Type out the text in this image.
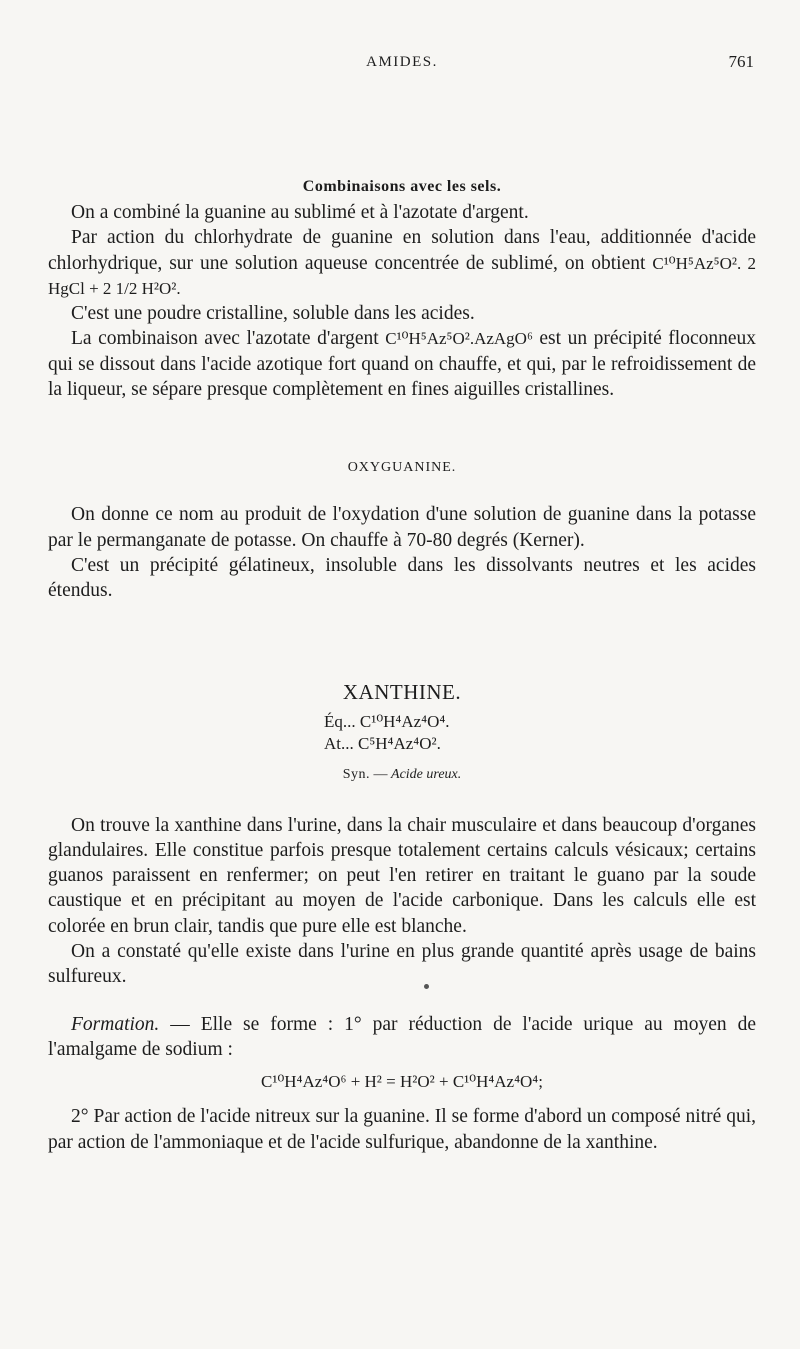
AMIDES.	761
Combinaisons avec les sels.

On a combiné la guanine au sublimé et à l'azotate d'argent.

Par action du chlorhydrate de guanine en solution dans l'eau, additionnée d'acide chlorhydrique, sur une solution aqueuse concentrée de sublimé, on obtient C¹⁰H⁵Az⁵O². 2 HgCl + 2 1/2 H²O².

C'est une poudre cristalline, soluble dans les acides.

La combinaison avec l'azotate d'argent C¹⁰H⁵Az⁵O².AzAgO⁶ est un précipité floconneux qui se dissout dans l'acide azotique fort quand on chauffe, et qui, par le refroidissement de la liqueur, se sépare presque complètement en fines aiguilles cristallines.

OXYGUANINE.

On donne ce nom au produit de l'oxydation d'une solution de guanine dans la potasse par le permanganate de potasse. On chauffe à 70-80 degrés (Kerner).

C'est un précipité gélatineux, insoluble dans les dissolvants neutres et les acides étendus.

XANTHINE.
Éq... C¹⁰H⁴Az⁴O⁴.
At... C⁵H⁴Az⁴O².
Syn. — Acide ureux.

On trouve la xanthine dans l'urine, dans la chair musculaire et dans beaucoup d'organes glandulaires. Elle constitue parfois presque totalement certains calculs vésicaux; certains guanos paraissent en renfermer; on peut l'en retirer en traitant le guano par la soude caustique et en précipitant au moyen de l'acide carbonique. Dans les calculs elle est colorée en brun clair, tandis que pure elle est blanche.

On a constaté qu'elle existe dans l'urine en plus grande quantité après usage de bains sulfureux.

Formation. — Elle se forme : 1° par réduction de l'acide urique au moyen de l'amalgame de sodium :

C¹⁰H⁴Az⁴O⁶ + H² = H²O² + C¹⁰H⁴Az⁴O⁴;

2° Par action de l'acide nitreux sur la guanine. Il se forme d'abord un composé nitré qui, par action de l'ammoniaque et de l'acide sulfurique, abandonne de la xanthine.
